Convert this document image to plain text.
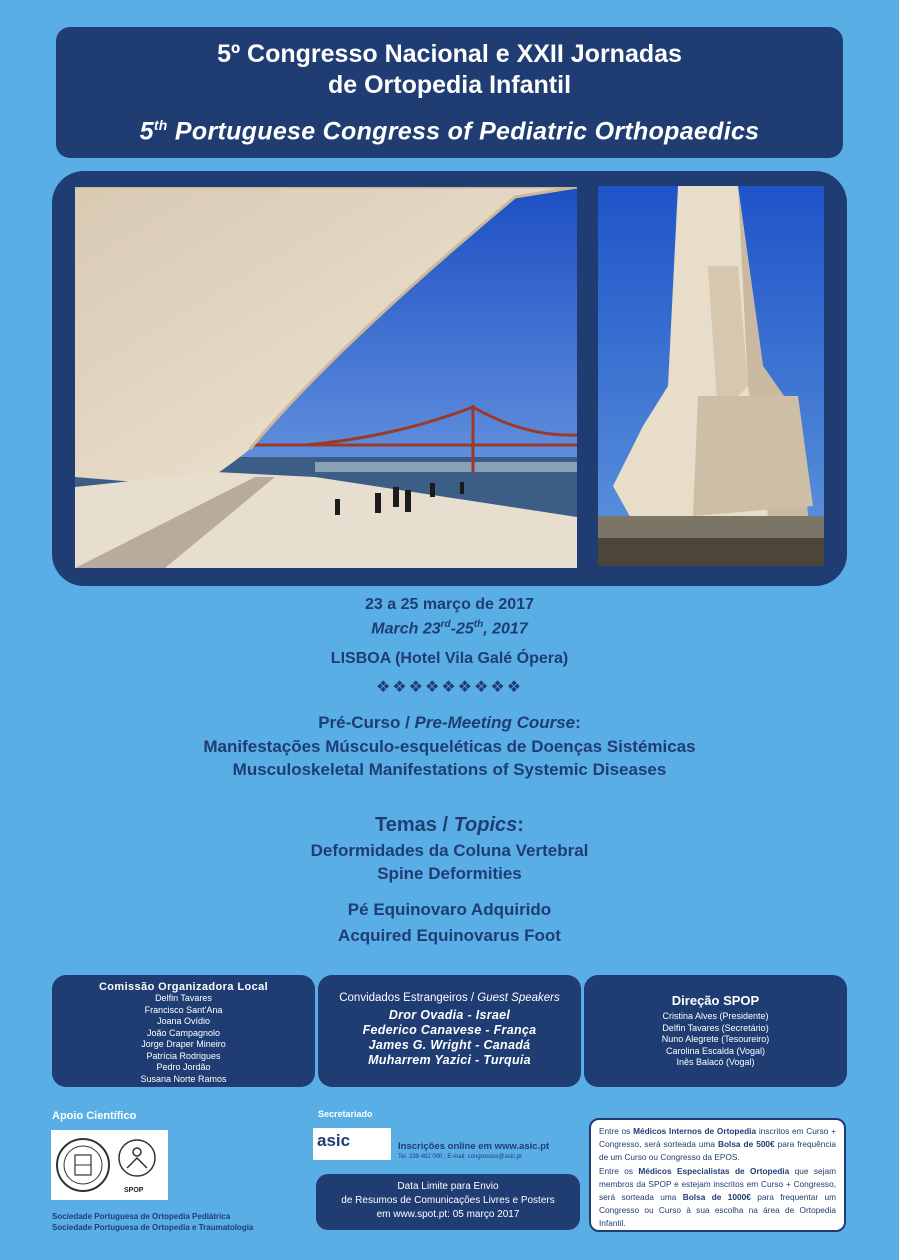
5º Congresso Nacional e XXII Jornadas
de Ortopedia Infantil
5th Portuguese Congress of Pediatric Orthopaedics
23 a 25 março de 2017
March 23rd-25th, 2017
LISBOA (Hotel Vila Galé Ópera)
❖❖❖❖❖❖❖❖❖
Pré-Curso / Pre-Meeting Course:
Manifestações Músculo-esqueléticas de Doenças Sistémicas
Musculoskeletal Manifestations of Systemic Diseases
Temas / Topics:
Deformidades da Coluna Vertebral
Spine Deformities
Pé Equinovaro Adquirido
Acquired Equinovarus Foot
Comissão Organizadora Local
Delfin Tavares
Francisco Sant'Ana
Joana Ovídio
João Campagnolo
Jorge Draper Mineiro
Patrícia Rodrigues
Pedro Jordão
Susana Norte Ramos
Convidados Estrangeiros / Guest Speakers
Dror Ovadia - Israel
Federico Canavese - França
James G. Wright - Canadá
Muharrem Yazici - Turquia
Direção SPOP
Cristina Alves (Presidente)
Delfin Tavares (Secretário)
Nuno Alegrete (Tesoureiro)
Carolina Escalda (Vogal)
Inês Balacó (Vogal)
Apoio Científico
SPOP
Sociedade Portuguesa de Ortopedia Pediátrica
Sociedade Portuguesa de Ortopedia e Traumatologia
Secretariado
asic	Inscrições online em www.asic.pt
Tel. 239 482 000 ; E-mail: congressos@asic.pt
Data Limite para Envio
de Resumos de Comunicações Livres e Posters
em www.spot.pt: 05 março 2017
Entre os Médicos Internos de Ortopedia inscritos em Curso + Congresso, será sorteada uma Bolsa de 500€ para frequência de um Curso ou Congresso da EPOS.
Entre os Médicos Especialistas de Ortopedia que sejam membros da SPOP e estejam inscritos em Curso + Congresso, será sorteada uma Bolsa de 1000€ para frequentar um Congresso ou Curso à sua escolha na área de Ortopedia Infantil.
